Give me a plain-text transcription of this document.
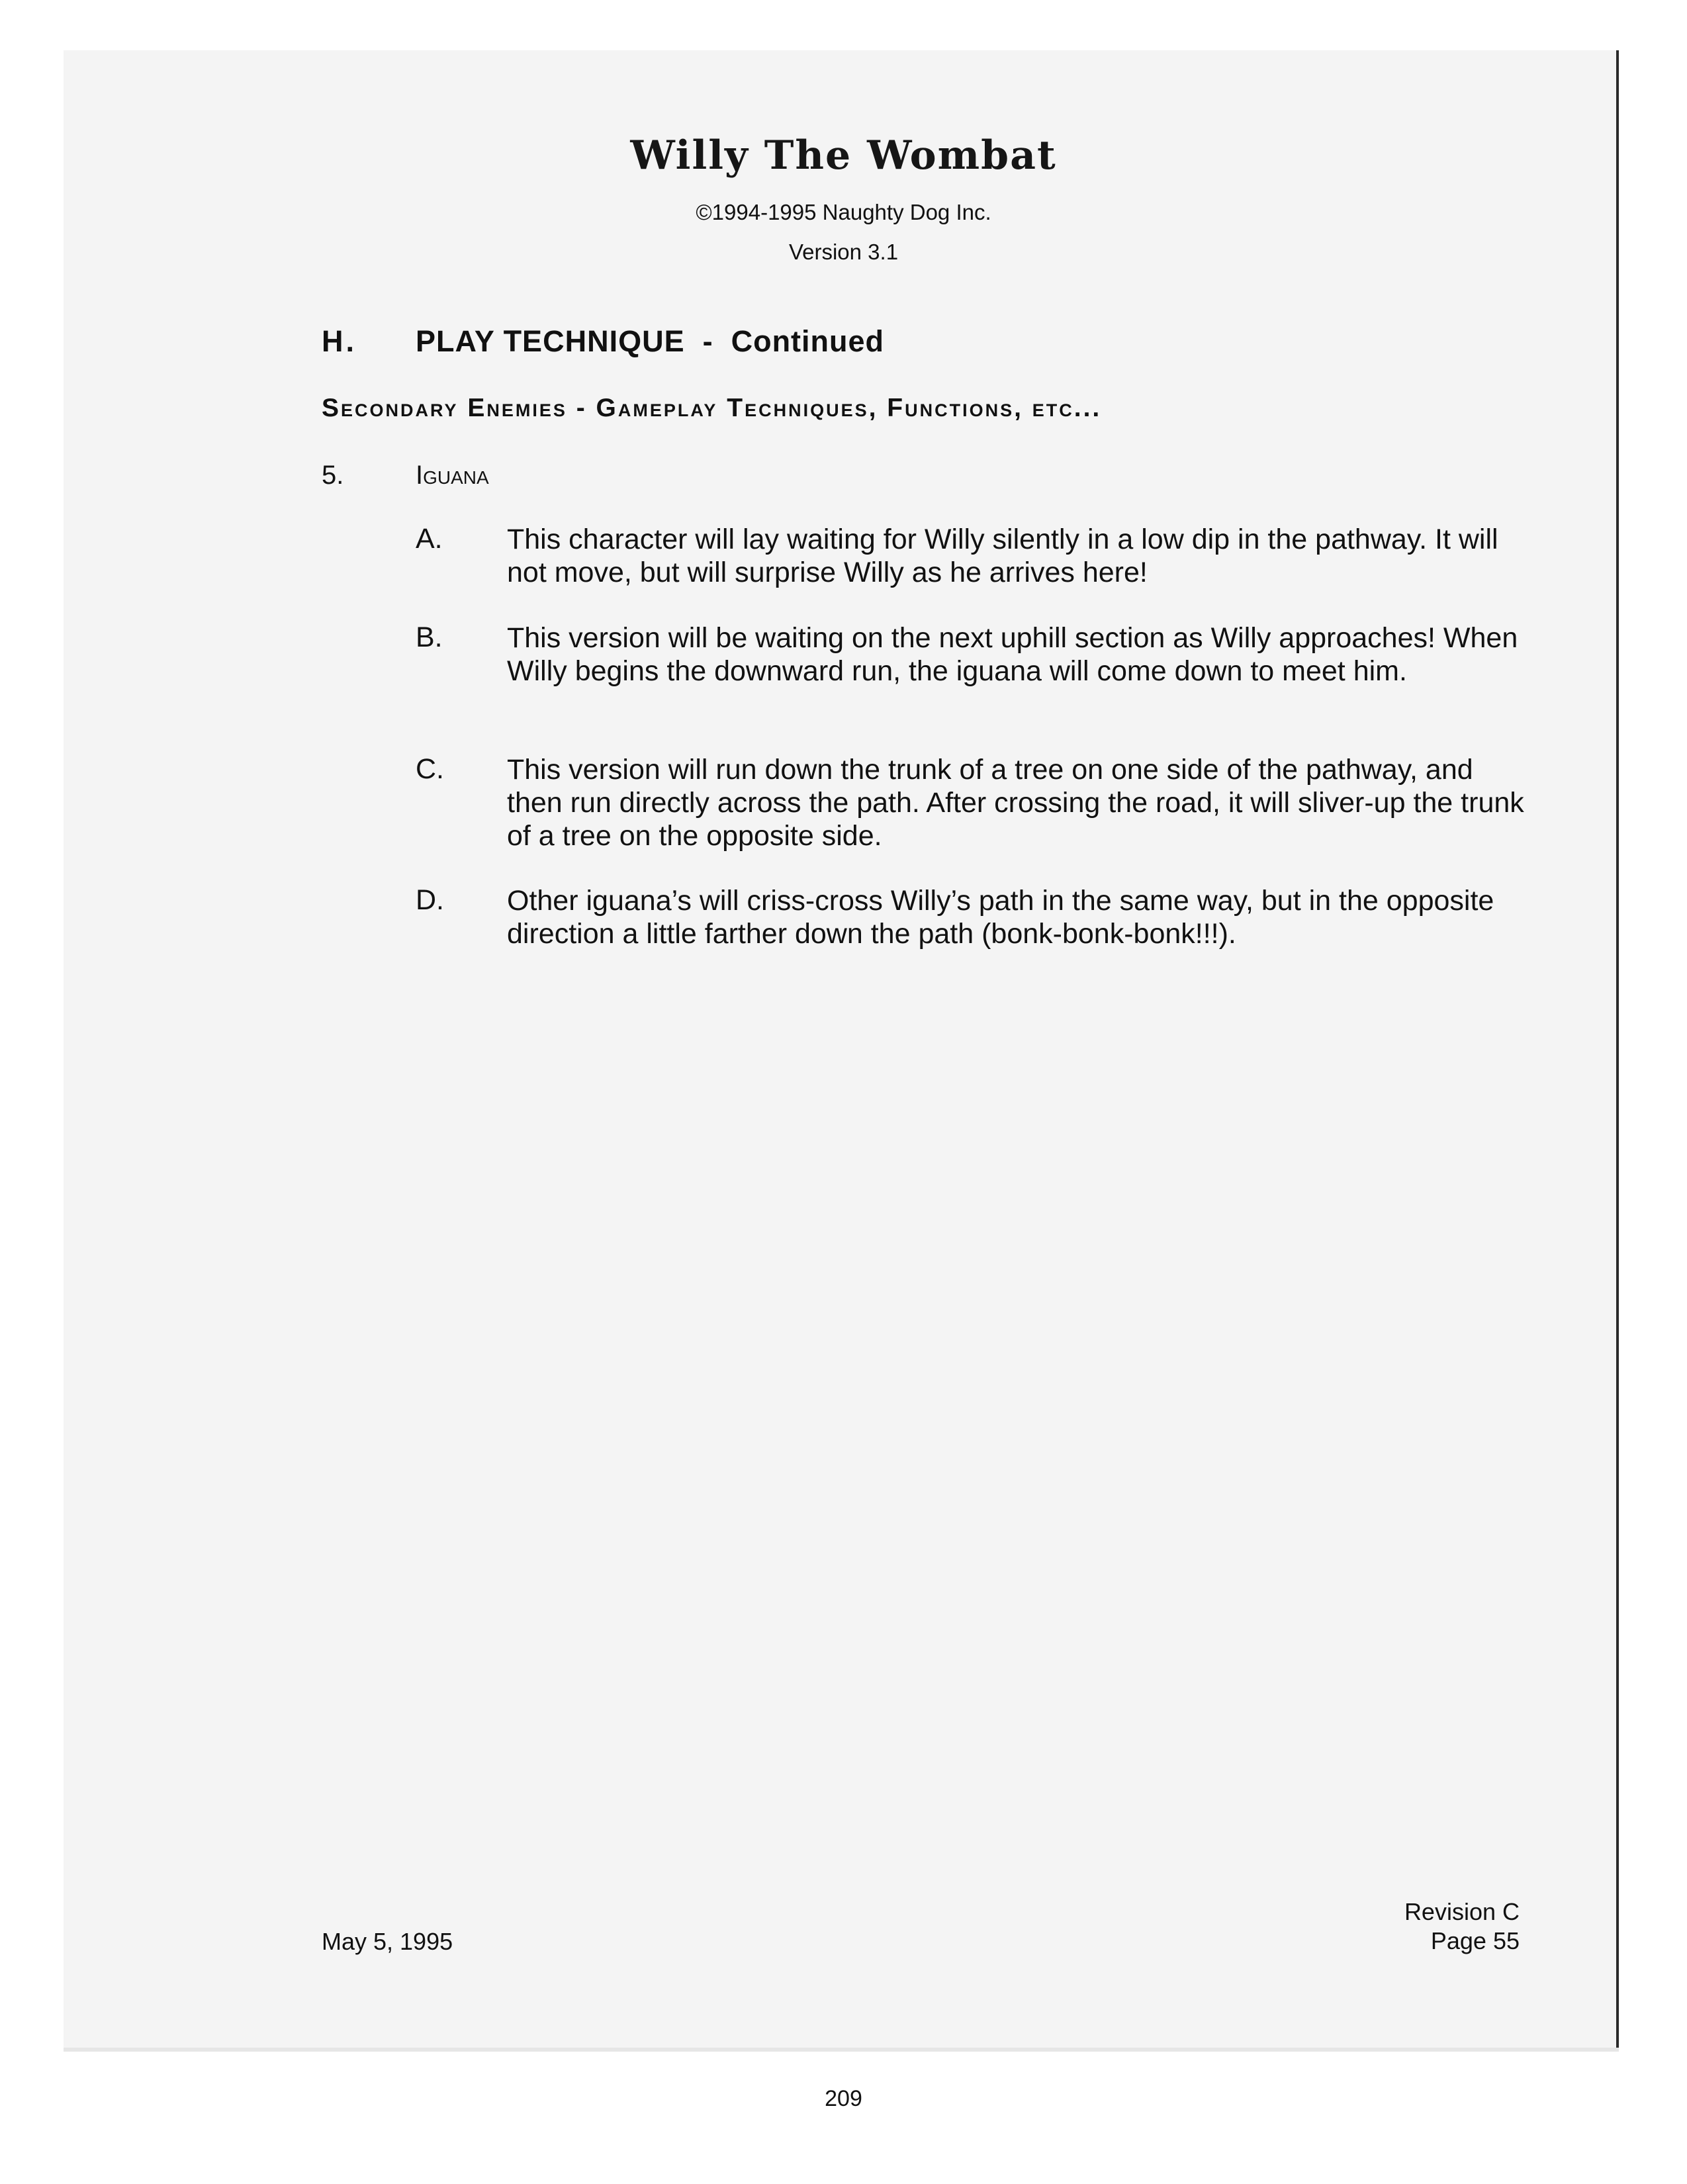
Willy The Wombat
©1994-1995 Naughty Dog Inc.
Version 3.1
H. PLAY TECHNIQUE  -  Continued
Secondary Enemies - Gameplay Techniques, Functions, etc...
5.	iguana
A. This character will lay waiting for Willy silently in a low dip in the pathway. It will not move, but will surprise Willy as he arrives here!
B. This version will be waiting on the next uphill section as Willy approaches! When Willy begins the downward run, the iguana will come down to meet him.
C. This version will run down the trunk of a tree on one side of the pathway, and then run directly across the path. After crossing the road, it will sliver-up the trunk of a tree on the opposite side.
D. Other iguana’s will criss-cross Willy’s path in the same way, but in the opposite direction a little farther down the path (bonk-bonk-bonk!!!).
May 5, 1995
Revision C
Page 55
209
